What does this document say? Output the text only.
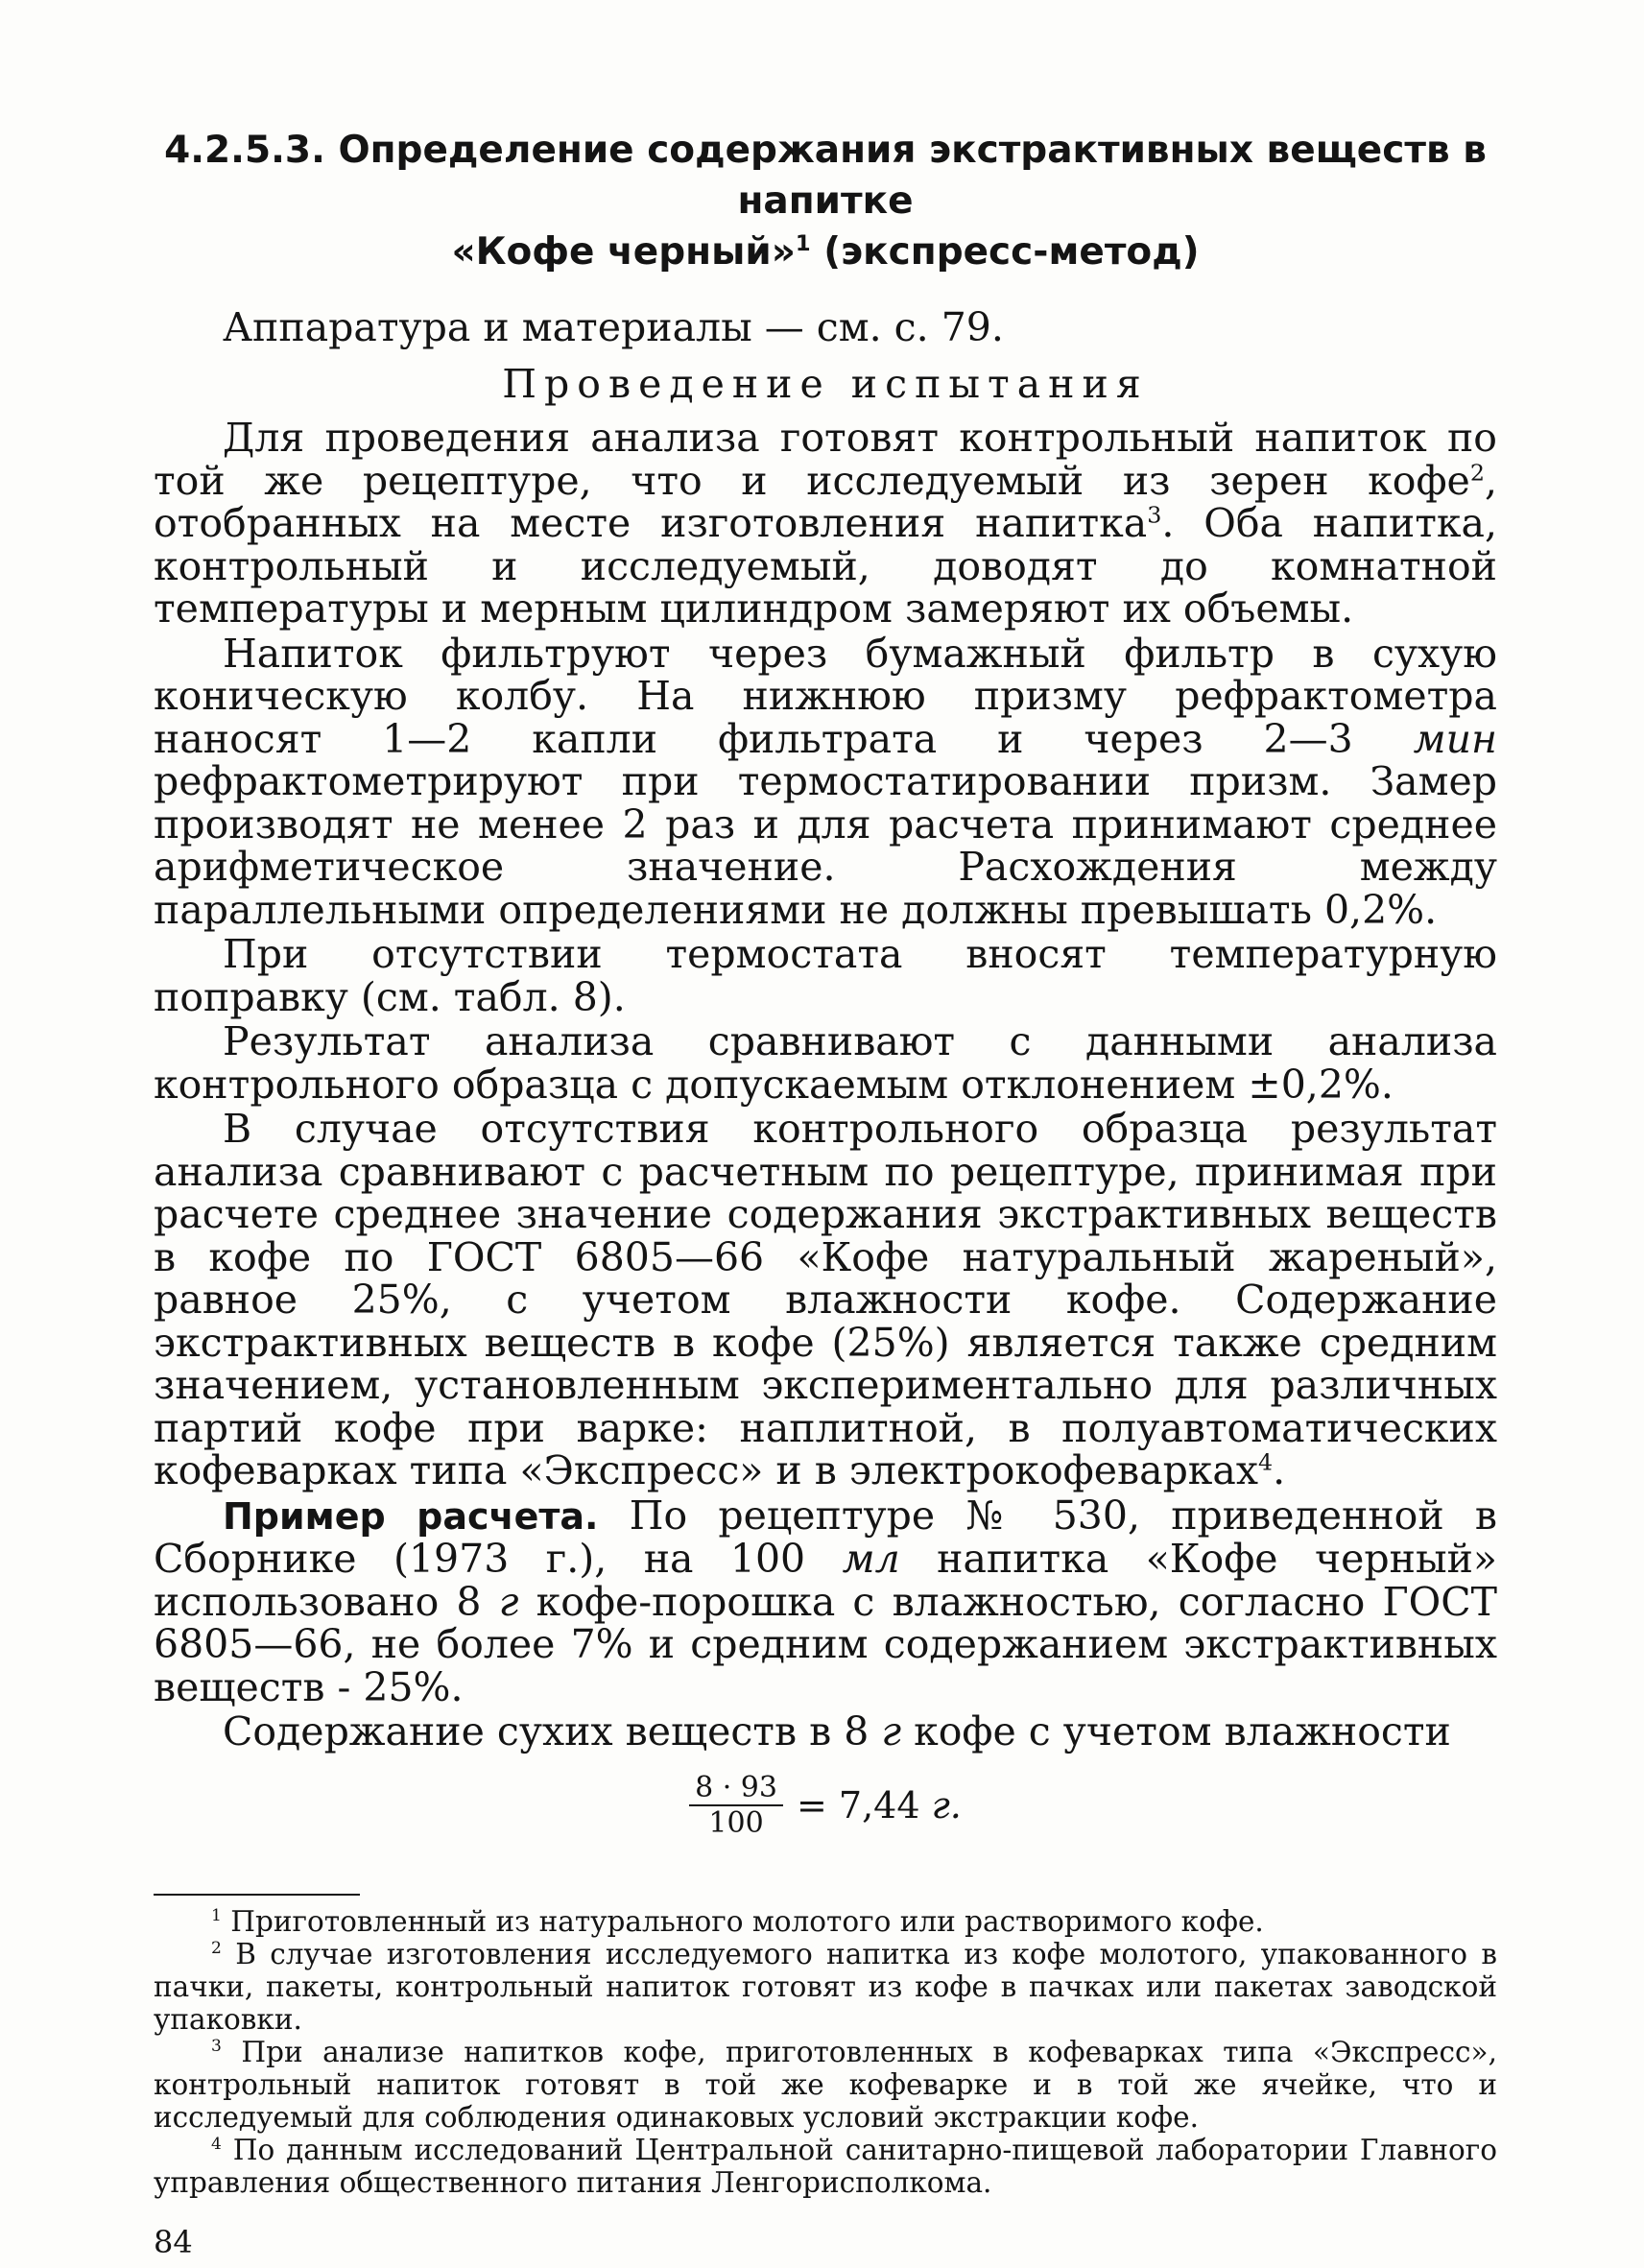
4.2.5.3. Определение содержания экстрактивных веществ в напитке
«Кофе черный»$^1$ (экспресс-метод)

Аппаратура и материалы — см. с. 79.

Проведение испытания

Для проведения анализа готовят контрольный напиток по той же рецептуре, что и исследуемый из зерен кофе$^2$, отобранных на месте изготовления напитка$^3$. Оба напитка, контрольный и исследуемый, доводят до комнатной температуры и мерным цилиндром замеряют их объемы.

Напиток фильтруют через бумажный фильтр в сухую коническую колбу. На нижнюю призму рефрактометра наносят 1—2 капли фильтрата и через 2—3 мин рефрактометрируют при термостатировании призм. Замер производят не менее 2 раз и для расчета принимают среднее арифметическое значение. Расхождения между параллельными определениями не должны превышать 0,2%.

При отсутствии термостата вносят температурную поправку (см. табл. 8).

Результат анализа сравнивают с данными анализа контрольного образца с допускаемым отклонением ±0,2%.

В случае отсутствия контрольного образца результат анализа сравнивают с расчетным по рецептуре, принимая при расчете среднее значение содержания экстрактивных веществ в кофе по ГОСТ 6805—66 «Кофе натуральный жареный», равное 25%, с учетом влажности кофе. Содержание экстрактивных веществ в кофе (25%) является также средним значением, установленным экспериментально для различных партий кофе при варке: наплитной, в полуавтоматических кофеварках типа «Экспресс» и в электрокофеварках$^4$.

Пример расчета. По рецептуре № 530, приведенной в Сборнике (1973 г.), на 100 мл напитка «Кофе черный» использовано 8 г кофе-порошка с влажностью, согласно ГОСТ 6805—66, не более 7% и средним содержанием экстрактивных веществ - 25%.

Содержание сухих веществ в 8 г кофе с учетом влажности

$\frac{8 \cdot 93}{100} = 7,44$
г.

$^1$ Приготовленный из натурального молотого или растворимого кофе.

$^2$ В случае изготовления исследуемого напитка из кофе молотого, упакованного в пачки, пакеты, контрольный напиток готовят из кофе в пачках или пакетах заводской упаковки.

$^3$ При анализе напитков кофе, приготовленных в кофеварках типа «Экспресс», контрольный напиток готовят в той же кофеварке и в той же ячейке, что и исследуемый для соблюдения одинаковых условий экстракции кофе.

$^4$ По данным исследований Центральной санитарно-пищевой лаборатории Главного управления общественного питания Ленгорисполкома.

84
